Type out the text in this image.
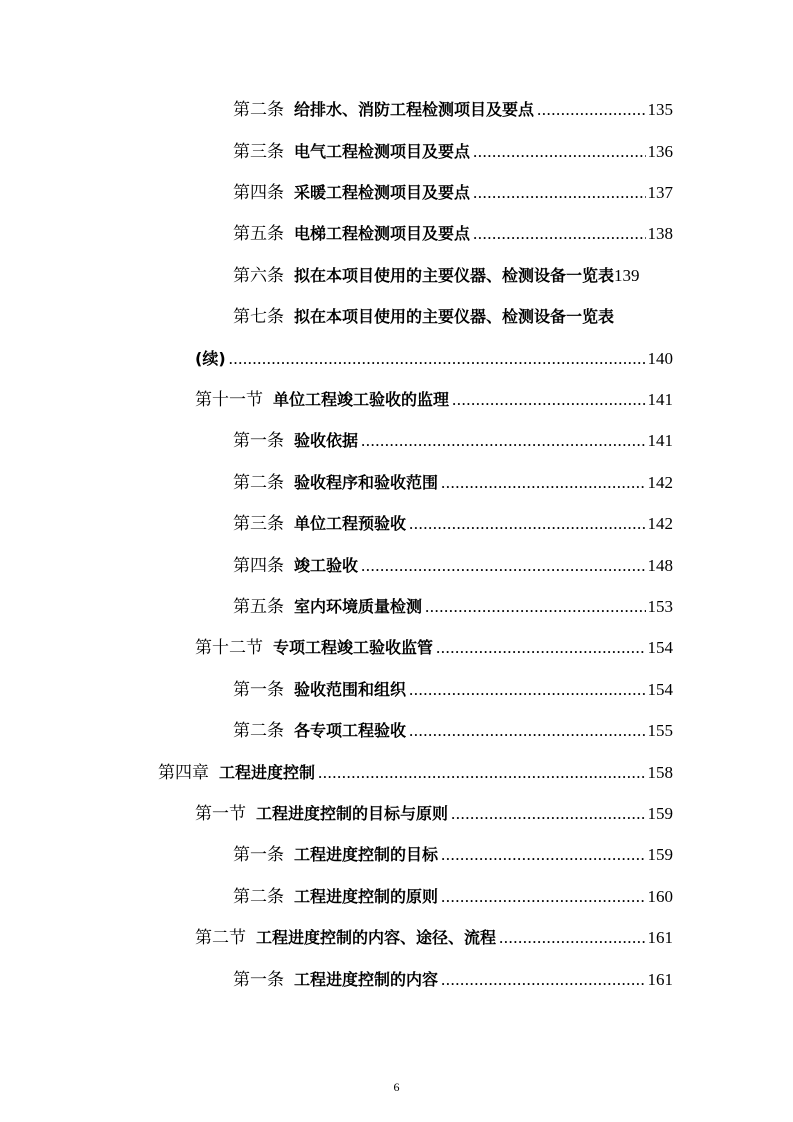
第二条 给排水、消防工程检测项目及要点 .....	135
第三条 电气工程检测项目及要点 .....	136
第四条 采暖工程检测项目及要点 .....	137
第五条 电梯工程检测项目及要点 .....	138
第六条 拟在本项目使用的主要仪器、检测设备一览表 139
第七条 拟在本项目使用的主要仪器、检测设备一览表
(续) .....	140
第十一节 单位工程竣工验收的监理 .....	141
第一条 验收依据 .....	141
第二条 验收程序和验收范围 .....	142
第三条 单位工程预验收 .....	142
第四条 竣工验收 .....	148
第五条 室内环境质量检测 .....	153
第十二节 专项工程竣工验收监管 .....	154
第一条 验收范围和组织 .....	154
第二条 各专项工程验收 .....	155
第四章 工程进度控制 .....	158
第一节 工程进度控制的目标与原则 .....	159
第一条 工程进度控制的目标 .....	159
第二条 工程进度控制的原则 .....	160
第二节 工程进度控制的内容、途径、流程 .....	161
第一条 工程进度控制的内容 .....	161
6
